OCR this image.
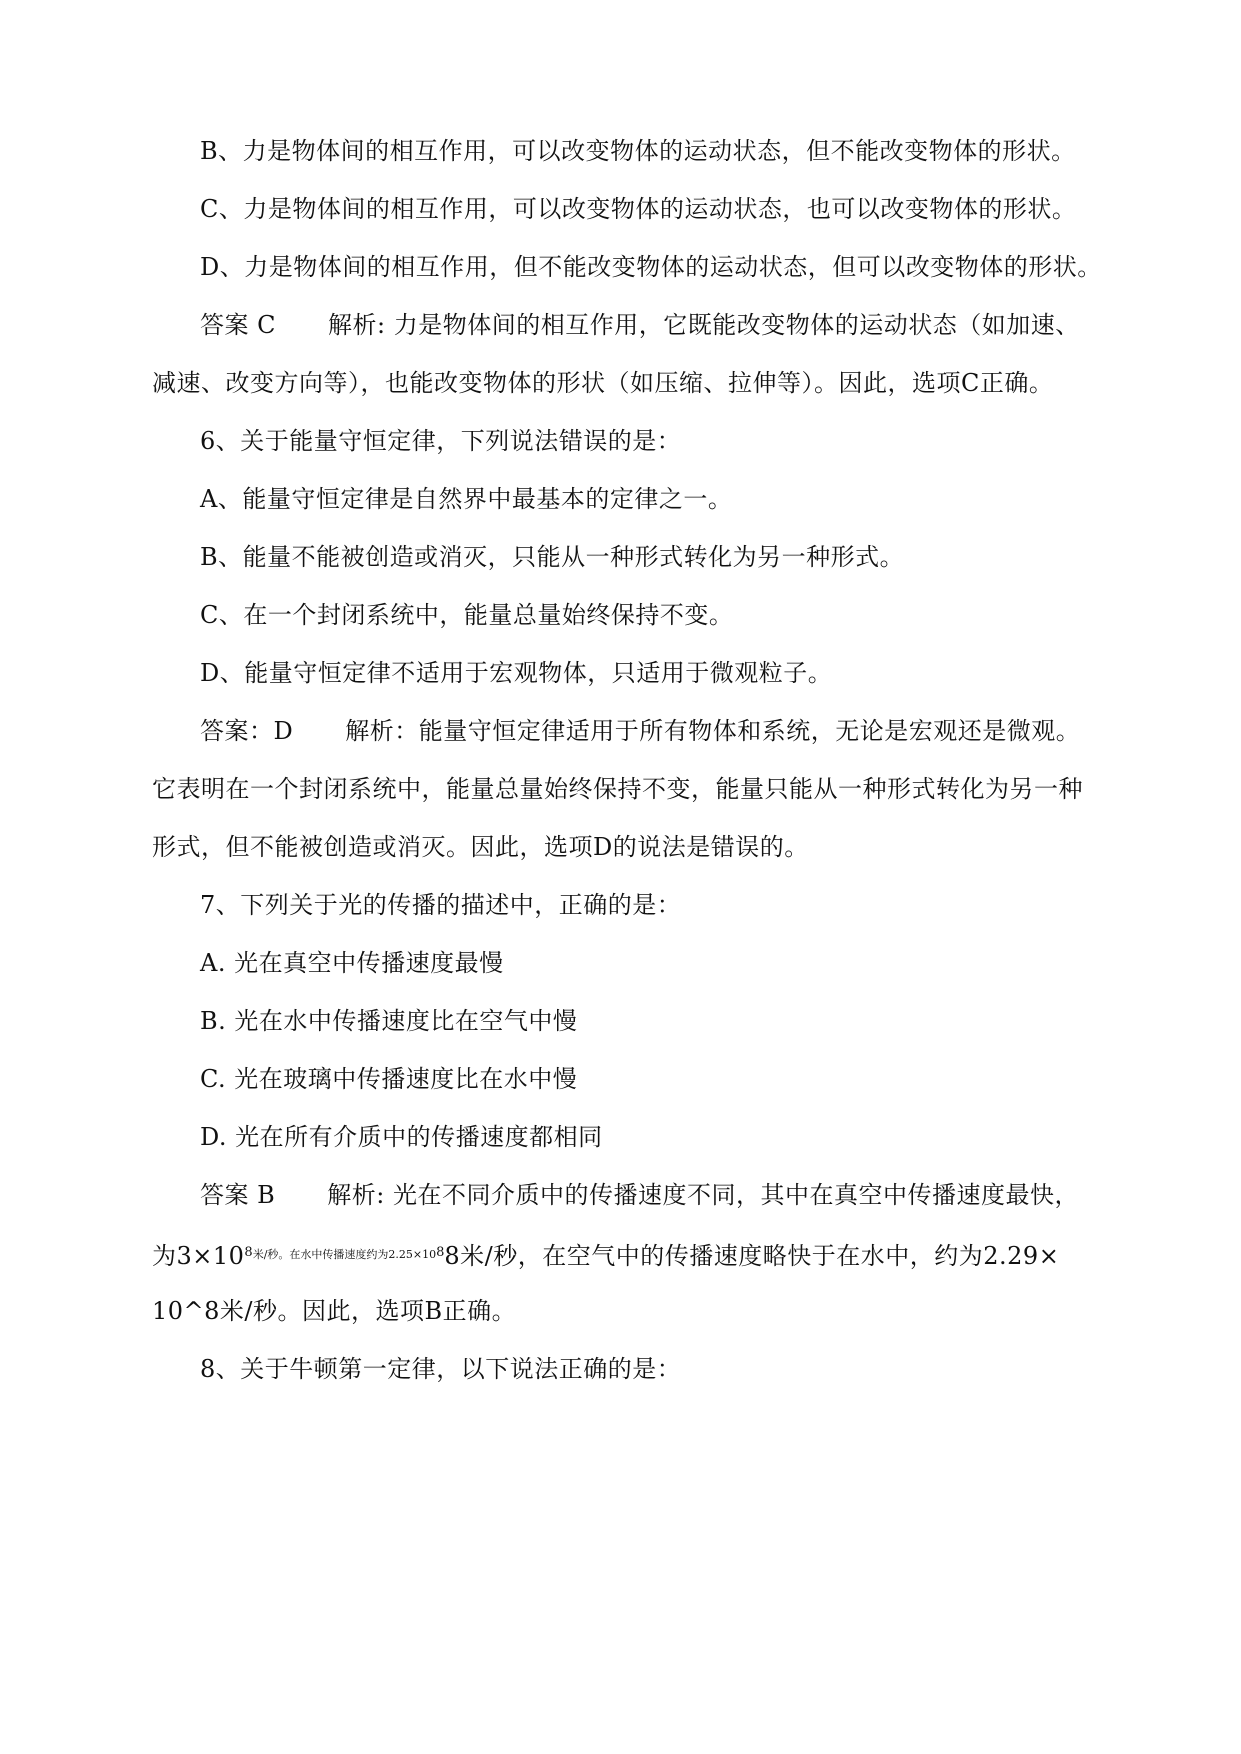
B、力是物体间的相互作用，可以改变物体的运动状态，但不能改变物体的形状。
C、力是物体间的相互作用，可以改变物体的运动状态，也可以改变物体的形状。
D、力是物体间的相互作用，但不能改变物体的运动状态，但可以改变物体的形状。
答案 C 解析: 力是物体间的相互作用，它既能改变物体的运动状态（如加速、
减速、改变方向等），也能改变物体的形状（如压缩、拉伸等）。因此，选项C正确。
6、关于能量守恒定律，下列说法错误的是：
A、能量守恒定律是自然界中最基本的定律之一。
B、能量不能被创造或消灭，只能从一种形式转化为另一种形式。
C、在一个封闭系统中，能量总量始终保持不变。
D、能量守恒定律不适用于宏观物体，只适用于微观粒子。
答案：D 解析：能量守恒定律适用于所有物体和系统，无论是宏观还是微观。
它表明在一个封闭系统中，能量总量始终保持不变，能量只能从一种形式转化为另一种
形式，但不能被创造或消灭。因此，选项D的说法是错误的。
7、下列关于光的传播的描述中，正确的是：
A. 光在真空中传播速度最慢
B. 光在水中传播速度比在空气中慢
C. 光在玻璃中传播速度比在水中慢
D. 光在所有介质中的传播速度都相同
答案 B 解析: 光在不同介质中的传播速度不同，其中在真空中传播速度最快，
为$3\times 10^{8米/秒。在水中传播速度约为2.25\times 108}8$米/秒，在空气中的传播速度略快于在水中，约为2.29×
10^8米/秒。因此，选项B正确。
8、关于牛顿第一定律，以下说法正确的是：
